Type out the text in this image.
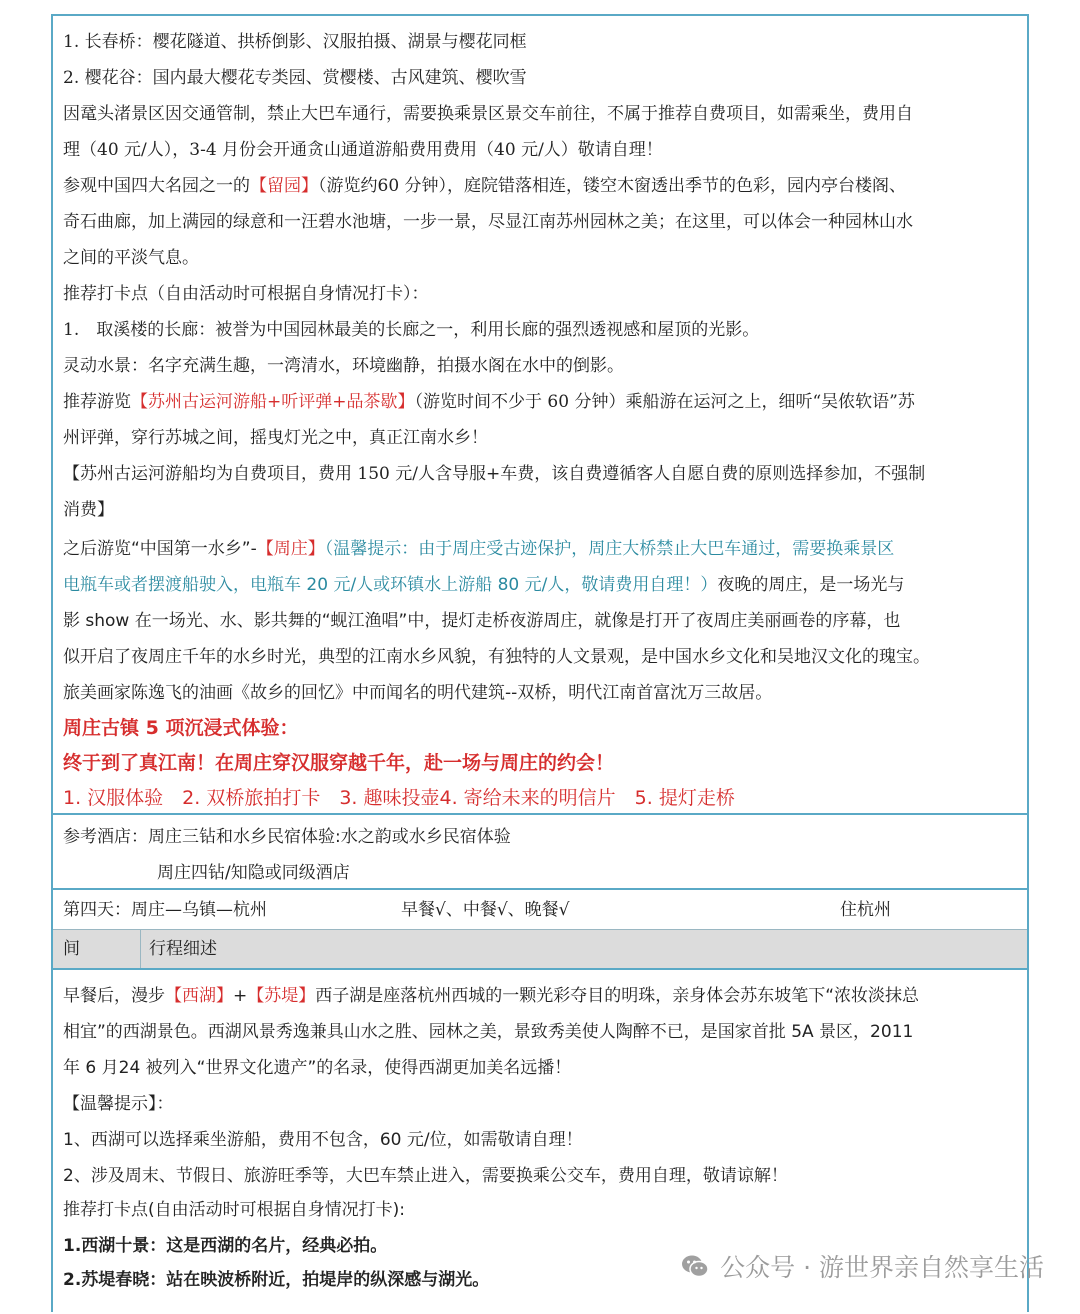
1. 长春桥：樱花隧道、拱桥倒影、汉服拍摄、湖景与樱花同框
2. 樱花谷：国内最大樱花专类园、赏樱楼、古风建筑、樱吹雪
因鼋头渚景区因交通管制，禁止大巴车通行，需要换乘景区景交车前往，不属于推荐自费项目，如需乘坐，费用自
理（40 元/人），3-4 月份会开通贪山通道游船费用费用（40 元/人）敬请自理！
参观中国四大名园之一的【留园】（游览约60 分钟），庭院错落相连，镂空木窗透出季节的色彩，园内亭台楼阁、
奇石曲廊，加上满园的绿意和一汪碧水池塘，一步一景，尽显江南苏州园林之美；在这里，可以体会一种园林山水
之间的平淡气息。
推荐打卡点（自由活动时可根据自身情况打卡）：
1.　取溪楼的长廊：被誉为中国园林最美的长廊之一，利用长廊的强烈透视感和屋顶的光影。
灵动水景：名字充满生趣，一湾清水，环境幽静，拍摄水阁在水中的倒影。
推荐游览【苏州古运河游船+听评弹+品茶歇】（游览时间不少于 60 分钟）乘船游在运河之上，细听“吴侬软语”苏
州评弹，穿行苏城之间，摇曳灯光之中，真正江南水乡！
【苏州古运河游船均为自费项目，费用 150 元/人含导服+车费，该自费遵循客人自愿自费的原则选择参加，不强制
消费】
之后游览“中国第一水乡”-【周庄】（温馨提示：由于周庄受古迹保护，周庄大桥禁止大巴车通过，需要换乘景区
电瓶车或者摆渡船驶入，电瓶车 20 元/人或环镇水上游船 80 元/人，敬请费用自理！）夜晚的周庄，是一场光与
影 show 在一场光、水、影共舞的“蚬江渔唱”中，提灯走桥夜游周庄，就像是打开了夜周庄美丽画卷的序幕，也
似开启了夜周庄千年的水乡时光，典型的江南水乡风貌，有独特的人文景观，是中国水乡文化和吴地汉文化的瑰宝。
旅美画家陈逸飞的油画《故乡的回忆》中而闻名的明代建筑--双桥，明代江南首富沈万三故居。
周庄古镇 5 项沉浸式体验：
终于到了真江南！在周庄穿汉服穿越千年，赴一场与周庄的约会！
1. 汉服体验　2. 双桥旅拍打卡　3. 趣味投壶4. 寄给未来的明信片　5. 提灯走桥
参考酒店：周庄三钻和水乡民宿体验:水之韵或水乡民宿体验
周庄四钻/知隐或同级酒店
第四天：周庄—乌镇—杭州	早餐√、中餐√、晚餐√	住杭州
间	行程细述
早餐后，漫步【西湖】+【苏堤】西子湖是座落杭州西城的一颗光彩夺目的明珠，亲身体会苏东坡笔下“浓妆淡抹总
相宜”的西湖景色。西湖风景秀逸兼具山水之胜、园林之美，景致秀美使人陶醉不已，是国家首批 5A 景区，2011
年 6 月24 被列入“世界文化遗产”的名录，使得西湖更加美名远播！
【温馨提示】：
1、西湖可以选择乘坐游船，费用不包含，60 元/位，如需敬请自理！
2、涉及周末、节假日、旅游旺季等，大巴车禁止进入，需要换乘公交车，费用自理，敬请谅解！
推荐打卡点(自由活动时可根据自身情况打卡):
1.西湖十景：这是西湖的名片，经典必拍。
2.苏堤春晓：站在映波桥附近，拍堤岸的纵深感与湖光。	公众号 · 游世界亲自然享生活
